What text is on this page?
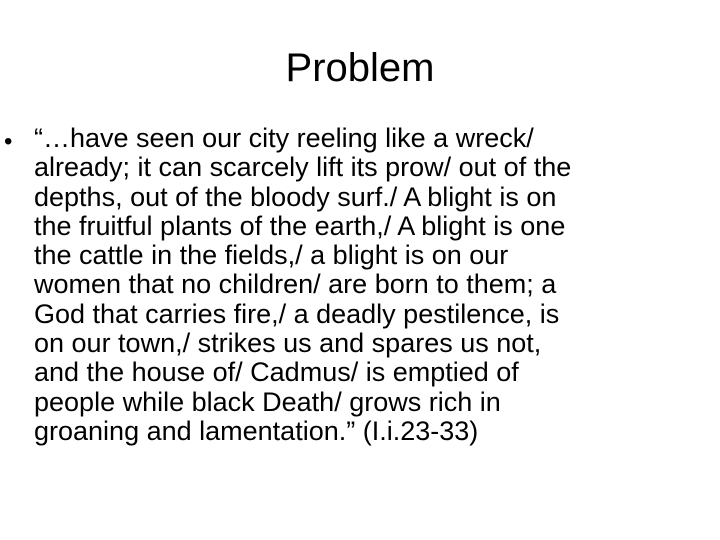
Problem
• “…have seen our city reeling like a wreck/
already; it can scarcely lift its prow/ out of the
depths, out of the bloody surf./ A blight is on
the fruitful plants of the earth,/ A blight is one
the cattle in the fields,/ a blight is on our
women that no children/ are born to them; a
God that carries fire,/ a deadly pestilence, is
on our town,/ strikes us and spares us not,
and the house of/ Cadmus/ is emptied of
people while black Death/ grows rich in
groaning and lamentation.” (I.i.23-33)
